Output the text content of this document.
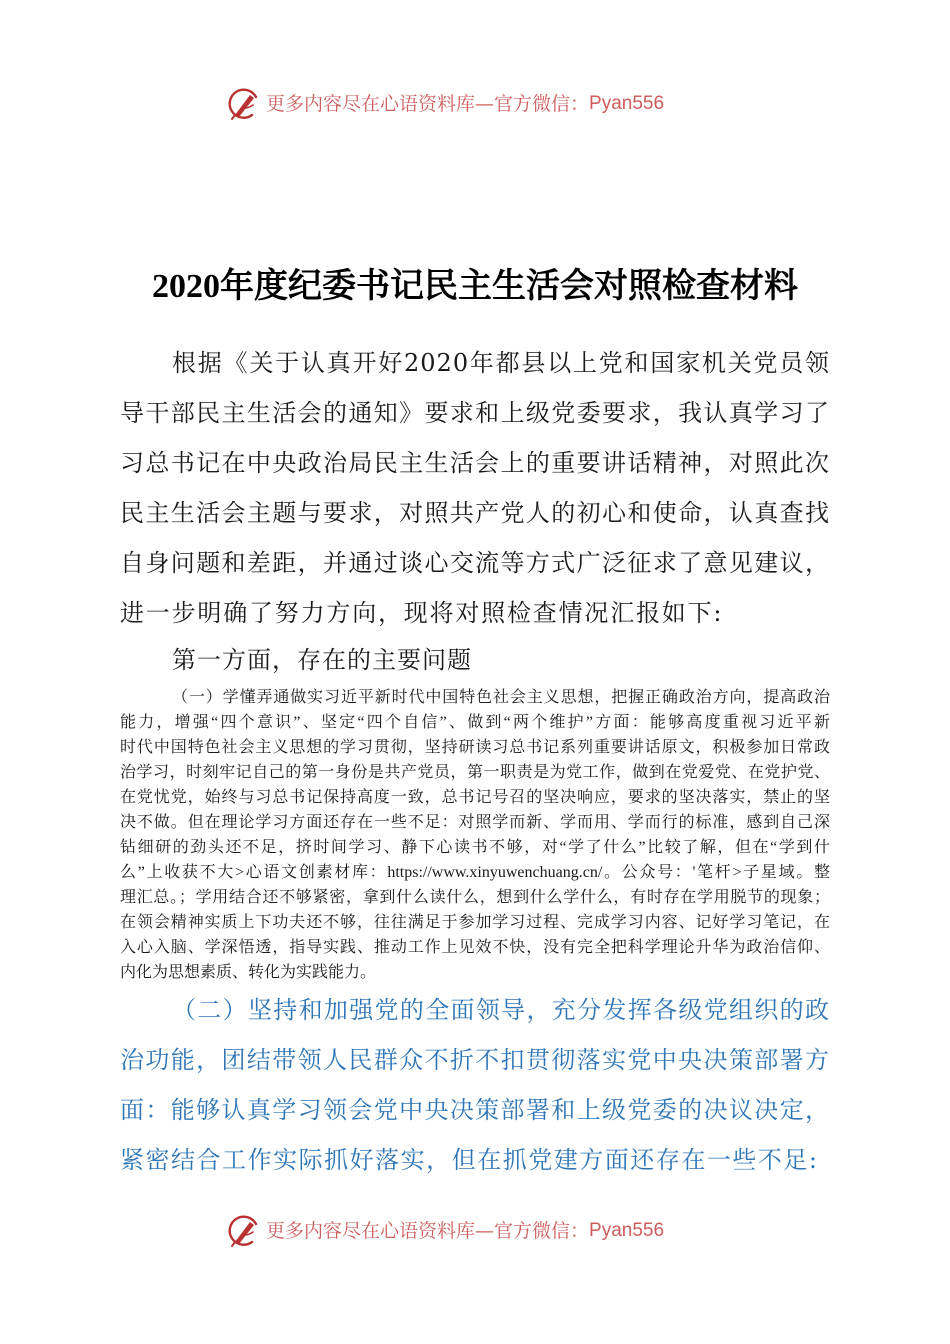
更多内容尽在心语资料库—官方微信： Pyan556
2020年度纪委书记民主生活会对照检查材料
根据《关于认真开好2020年都县以上党和国家机关党员领
导干部民主生活会的通知》要求和上级党委要求，我认真学习了
习总书记在中央政治局民主生活会上的重要讲话精神，对照此次
民主生活会主题与要求，对照共产党人的初心和使命，认真查找
自身问题和差距，并通过谈心交流等方式广泛征求了意见建议，
进一步明确了努力方向，现将对照检查情况汇报如下:
第一方面，存在的主要问题
（一）学懂弄通做实习近平新时代中国特色社会主义思想，把握正确政治方向，提高政治
能力，增强“四个意识”、坚定“四个自信”、做到“两个维护”方面：能够高度重视习近平新
时代中国特色社会主义思想的学习贯彻，坚持研读习总书记系列重要讲话原文，积极参加日常政
治学习，时刻牢记自己的第一身份是共产党员，第一职责是为党工作，做到在党爱党、在党护党、
在党忧党，始终与习总书记保持高度一致，总书记号召的坚决响应，要求的坚决落实，禁止的坚
决不做。但在理论学习方面还存在一些不足：对照学而新、学而用、学而行的标准，感到自己深
钻细研的劲头还不足，挤时间学习、静下心读书不够，对“学了什么”比较了解，但在“学到什
么”上收获不大>心语文创素材库：https://www.xinyuwenchuang.cn/。公众号：'笔杆>子星域。整
理汇总。；学用结合还不够紧密，拿到什么读什么，想到什么学什么，有时存在学用脱节的现象；
在领会精神实质上下功夫还不够，往往满足于参加学习过程、完成学习内容、记好学习笔记，在
入心入脑、学深悟透，指导实践、推动工作上见效不快，没有完全把科学理论升华为政治信仰、
内化为思想素质、转化为实践能力。
（二）坚持和加强党的全面领导，充分发挥各级党组织的政
治功能，团结带领人民群众不折不扣贯彻落实党中央决策部署方
面：能够认真学习领会党中央决策部署和上级党委的决议决定，
紧密结合工作实际抓好落实，但在抓党建方面还存在一些不足:
更多内容尽在心语资料库—官方微信： Pyan556
